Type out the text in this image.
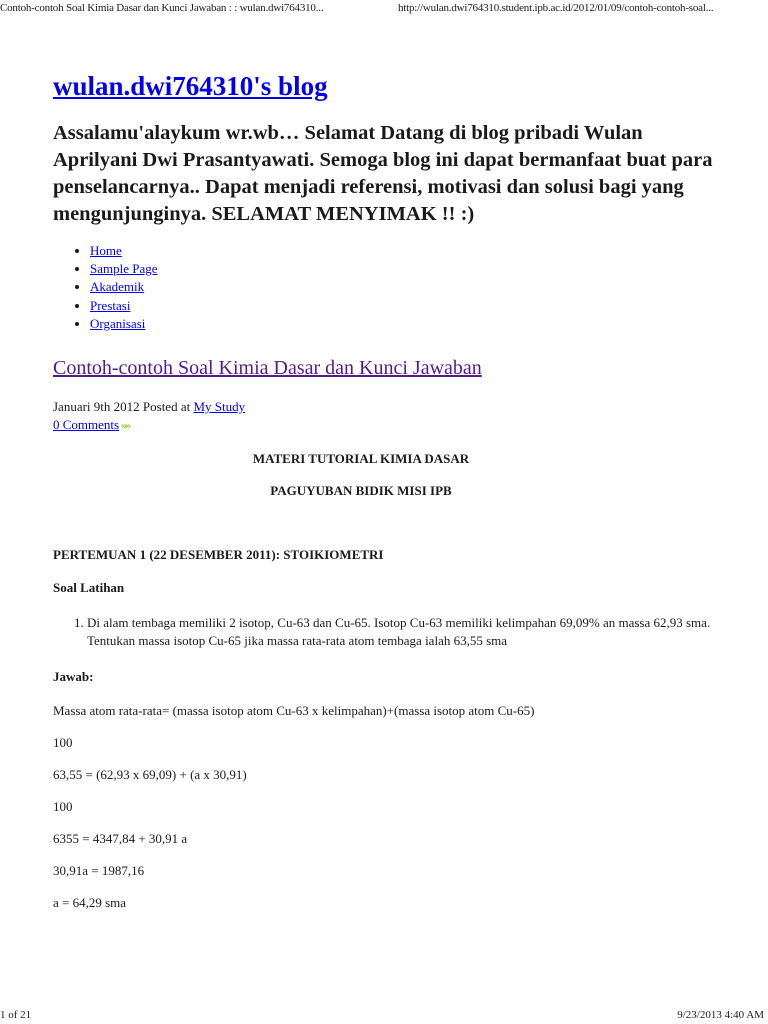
Contoh-contoh Soal Kimia Dasar dan Kunci Jawaban : : wulan.dwi764310...	http://wulan.dwi764310.student.ipb.ac.id/2012/01/09/contoh-contoh-soal...
wulan.dwi764310's blog

Assalamu'alaykum wr.wb… Selamat Datang di blog pribadi Wulan Aprilyani Dwi Prasantyawati. Semoga blog ini dapat bermanfaat buat para penselancarnya.. Dapat menjadi referensi, motivasi dan solusi bagi yang mengunjunginya. SELAMAT MENYIMAK !! :)

• Home
• Sample Page
• Akademik
• Prestasi
• Organisasi
Contoh-contoh Soal Kimia Dasar dan Kunci Jawaban
Januari 9th 2012 Posted at My Study
0 Comments »»

MATERI TUTORIAL KIMIA DASAR

PAGUYUBAN BIDIK MISI IPB

PERTEMUAN 1 (22 DESEMBER 2011): STOIKIOMETRI
Soal Latihan
1. Di alam tembaga memiliki 2 isotop, Cu-63 dan Cu-65. Isotop Cu-63 memiliki kelimpahan 69,09% an massa 62,93 sma. Tentukan massa isotop Cu-65 jika massa rata-rata atom tembaga ialah 63,55 sma
Jawab:
Massa atom rata-rata= (massa isotop atom Cu-63 x kelimpahan)+(massa isotop atom Cu-65)
100
63,55 = (62,93 x 69,09) + (a x 30,91)
100
6355 = 4347,84 + 30,91 a
30,91a = 1987,16
a = 64,29 sma
1 of 21	9/23/2013 4:40 AM
